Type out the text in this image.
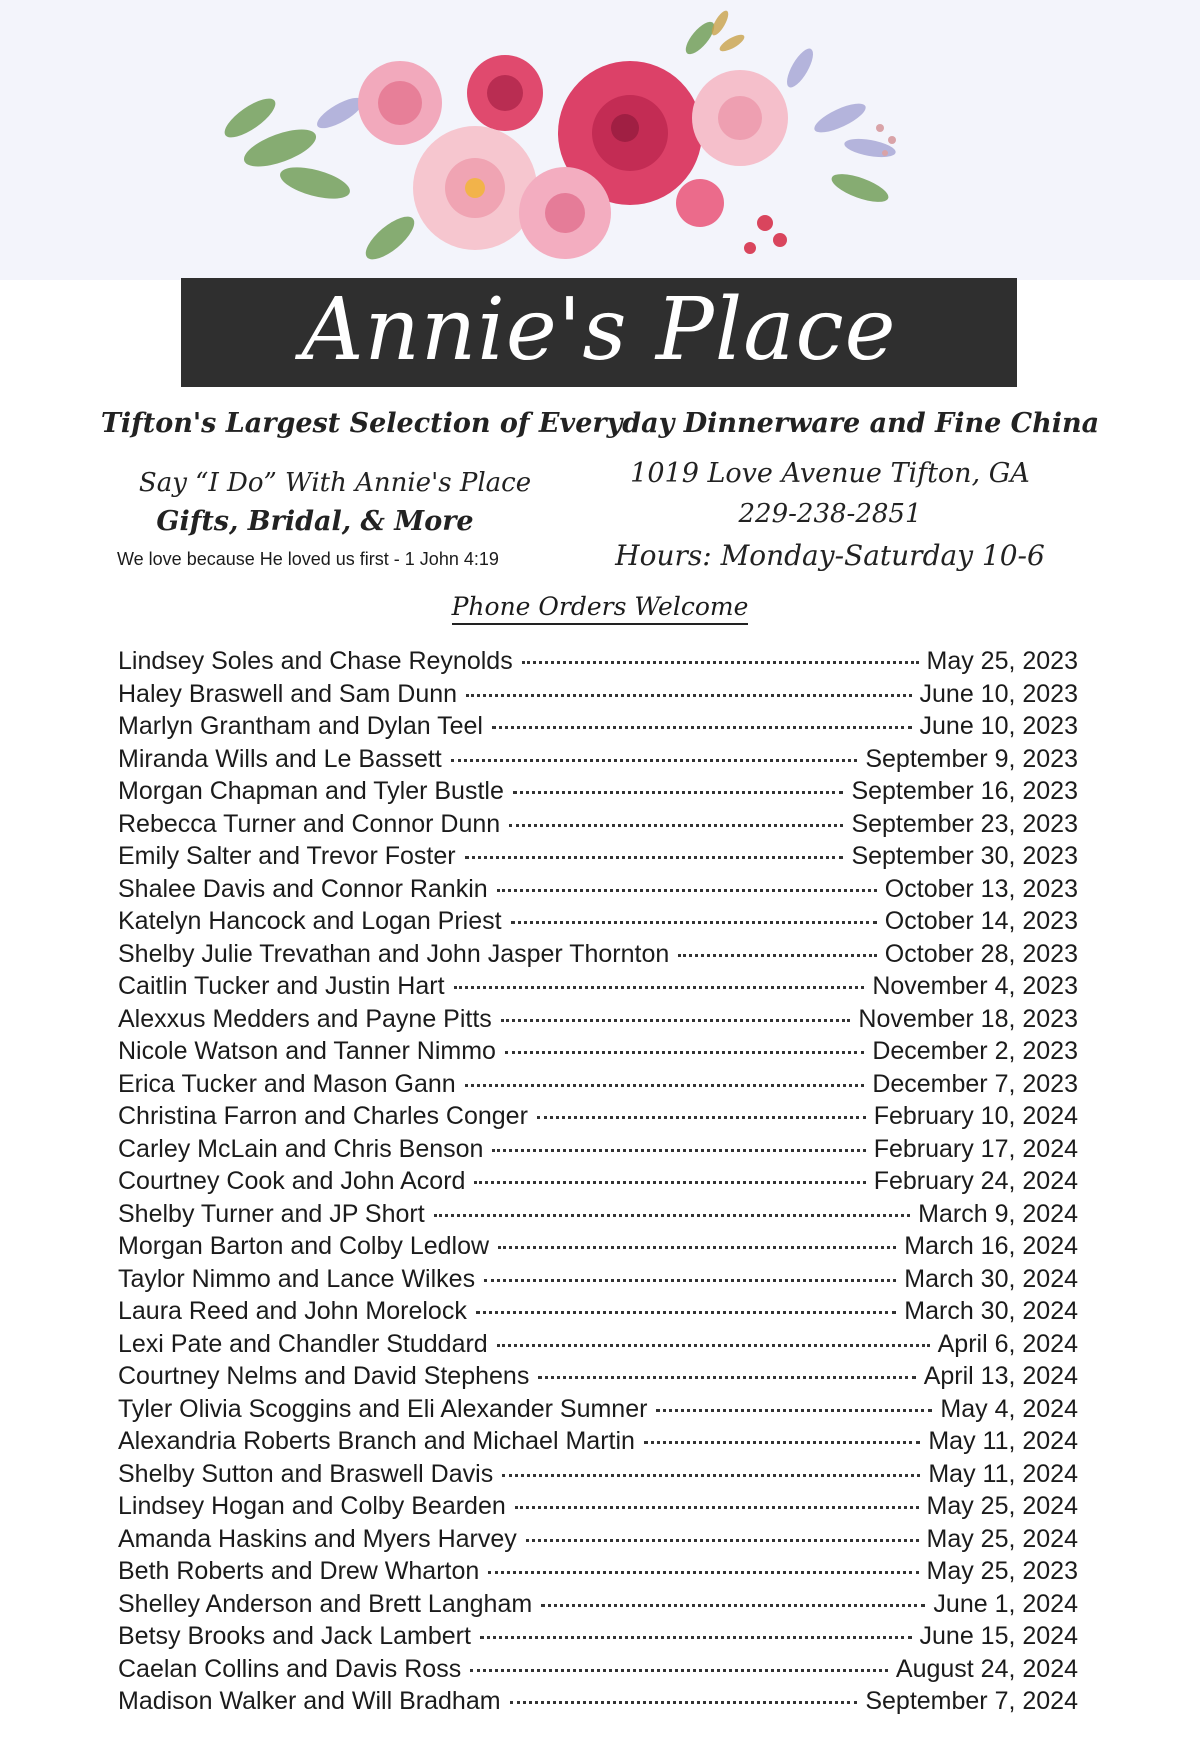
Annie's Place
Tifton's Largest Selection of Everyday Dinnerware and Fine China
Say “I Do” With Annie's Place
Gifts, Bridal, & More
We love because He loved us first - 1 John 4:19
1019 Love Avenue Tifton, GA
229-238-2851
Hours: Monday-Saturday 10-6
Phone Orders Welcome
Lindsey Soles and Chase Reynolds	May 25, 2023
Haley Braswell and Sam Dunn	June 10, 2023
Marlyn Grantham and Dylan Teel	June 10, 2023
Miranda Wills and Le Bassett	September 9, 2023
Morgan Chapman and Tyler Bustle	September 16, 2023
Rebecca Turner and Connor Dunn	September 23, 2023
Emily Salter and Trevor Foster	September 30, 2023
Shalee Davis and Connor Rankin	October 13, 2023
Katelyn Hancock and Logan Priest	October 14, 2023
Shelby Julie Trevathan and John Jasper Thornton	October 28, 2023
Caitlin Tucker and Justin Hart	November 4, 2023
Alexxus Medders and Payne Pitts	November 18, 2023
Nicole Watson and Tanner Nimmo	December 2, 2023
Erica Tucker and Mason Gann	December 7, 2023
Christina Farron and Charles Conger	February 10, 2024
Carley McLain and Chris Benson	February 17, 2024
Courtney Cook and John Acord	February 24, 2024
Shelby Turner and JP Short	March 9, 2024
Morgan Barton and Colby Ledlow	March 16, 2024
Taylor Nimmo and Lance Wilkes	March 30, 2024
Laura Reed and John Morelock	March 30, 2024
Lexi Pate and Chandler Studdard	April 6, 2024
Courtney Nelms and David Stephens	April 13, 2024
Tyler Olivia Scoggins and Eli Alexander Sumner	May 4, 2024
Alexandria Roberts Branch and Michael Martin	May 11, 2024
Shelby Sutton and Braswell Davis	May 11, 2024
Lindsey Hogan and Colby Bearden	May 25, 2024
Amanda Haskins and Myers Harvey	May 25, 2024
Beth Roberts and Drew Wharton	May 25, 2023
Shelley Anderson and Brett Langham	June 1, 2024
Betsy Brooks and Jack Lambert	June 15, 2024
Caelan Collins and Davis Ross	August 24, 2024
Madison Walker and Will Bradham	September 7, 2024
